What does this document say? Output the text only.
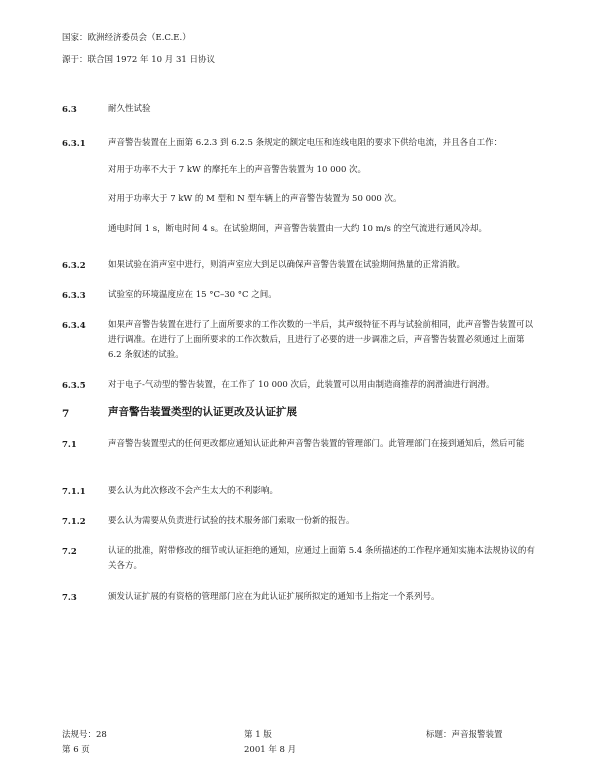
国家：欧洲经济委员会（E.C.E.）
源于：联合国 1972 年 10 月 31 日协议
6.3	耐久性试验
6.3.1	声音警告装置在上面第 6.2.3 到 6.2.5 条规定的额定电压和连线电阻的要求下供给电流，并且各自工作：
对用于功率不大于 7 kW 的摩托车上的声音警告装置为 10 000 次。
对用于功率大于 7 kW 的 M 型和 N 型车辆上的声音警告装置为 50 000 次。
通电时间 1 s，断电时间 4 s。在试验期间，声音警告装置由一大约 10 m/s 的空气流进行通风冷却。
6.3.2	如果试验在消声室中进行，则消声室应大到足以确保声音警告装置在试验期间热量的正常消散。
6.3.3	试验室的环境温度应在 15 °C–30 °C 之间。
6.3.4	如果声音警告装置在进行了上面所要求的工作次数的一半后，其声级特征不再与试验前相同，此声音警告装置可以进行调准。在进行了上面所要求的工作次数后，且进行了必要的进一步调准之后，声音警告装置必须通过上面第 6.2 条叙述的试验。
6.3.5	对于电子-气动型的警告装置，在工作了 10 000 次后，此装置可以用由制造商推荐的润滑油进行润滑。
7	声音警告装置类型的认证更改及认证扩展
7.1	声音警告装置型式的任何更改都应通知认证此种声音警告装置的管理部门。此管理部门在接到通知后，然后可能
7.1.1	要么认为此次修改不会产生太大的不利影响。
7.1.2	要么认为需要从负责进行试验的技术服务部门索取一份新的报告。
7.2	认证的批准，附带修改的细节或认证拒绝的通知，应通过上面第 5.4 条所描述的工作程序通知实施本法规协议的有关各方。
7.3	颁发认证扩展的有资格的管理部门应在为此认证扩展所拟定的通知书上指定一个系列号。
法规号：28
第 6 页
第 1 版
2001 年 8 月
标题：声音报警装置
